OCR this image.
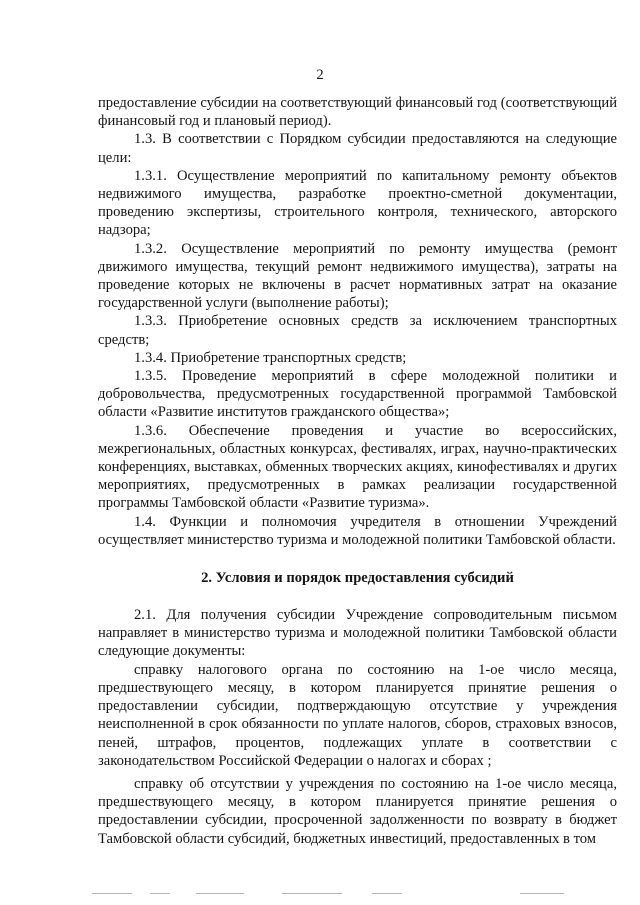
2

предоставление субсидии на соответствующий финансовый год (соответствующий финансовый год и плановый период).

1.3. В соответствии с Порядком субсидии предоставляются на следующие цели:

1.3.1. Осуществление мероприятий по капитальному ремонту объектов недвижимого имущества, разработке проектно-сметной документации, проведению экспертизы, строительного контроля, технического, авторского надзора;

1.3.2. Осуществление мероприятий по ремонту имущества (ремонт движимого имущества, текущий ремонт недвижимого имущества), затраты на проведение которых не включены в расчет нормативных затрат на оказание государственной услуги (выполнение работы);

1.3.3. Приобретение основных средств за исключением транспортных средств;

1.3.4. Приобретение транспортных средств;

1.3.5. Проведение мероприятий в сфере молодежной политики и добровольчества, предусмотренных государственной программой Тамбовской области «Развитие институтов гражданского общества»;

1.3.6. Обеспечение проведения и участие во всероссийских, межрегиональных, областных конкурсах, фестивалях, играх, научно-практических конференциях, выставках, обменных творческих акциях, кинофестивалях и других мероприятиях, предусмотренных в рамках реализации государственной программы Тамбовской области «Развитие туризма».

1.4. Функции и полномочия учредителя в отношении Учреждений осуществляет министерство туризма и молодежной политики Тамбовской области.

2. Условия и порядок предоставления субсидий

2.1. Для получения субсидии Учреждение сопроводительным письмом направляет в министерство туризма и молодежной политики Тамбовской области следующие документы:

справку налогового органа по состоянию на 1-ое число месяца, предшествующего месяцу, в котором планируется принятие решения о предоставлении субсидии, подтверждающую отсутствие у учреждения неисполненной в срок обязанности по уплате налогов, сборов, страховых взносов, пеней, штрафов, процентов, подлежащих уплате в соответствии с законодательством Российской Федерации о налогах и сборах ;

справку об отсутствии у учреждения по состоянию на 1-ое число месяца, предшествующего месяцу, в котором планируется принятие решения о предоставлении субсидии, просроченной задолженности по возврату в бюджет Тамбовской области субсидий, бюджетных инвестиций, предоставленных в том
